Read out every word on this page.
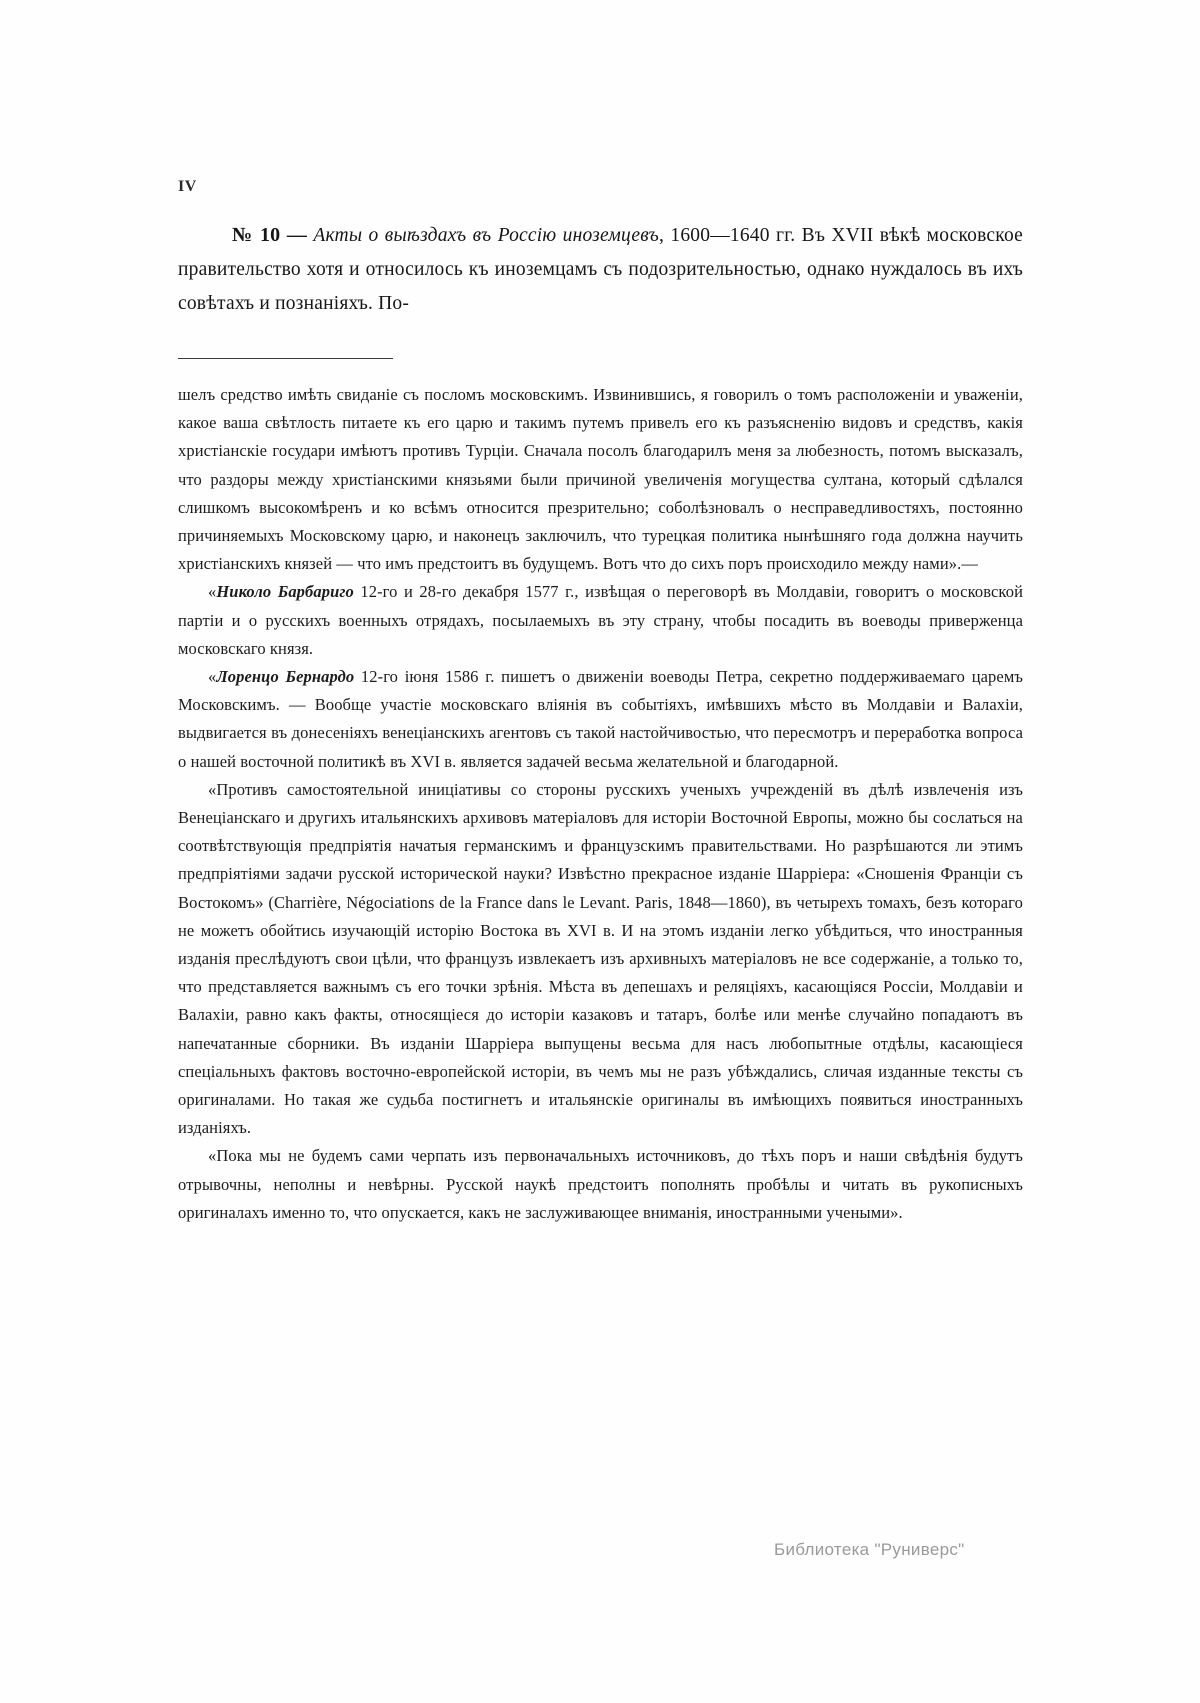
IV

№ 10 — Акты о выѣздахъ въ Россію иноземцевъ, 1600—1640 гг. Въ XVII вѣкѣ московское правительство хотя и относилось къ иноземцамъ съ подозрительностью, однако нуждалось въ ихъ совѣтахъ и познаніяхъ. По-

шелъ средство имѣть свиданіе съ посломъ московскимъ. Извинившись, я говорилъ о томъ расположеніи и уваженіи, какое ваша свѣтлость питаете къ его царю и такимъ путемъ привелъ его къ разъясненію видовъ и средствъ, какія христіанскіе государи имѣютъ противъ Турціи. Сначала посолъ благодарилъ меня за любезность, потомъ высказалъ, что раздоры между христіанскими князьями были причиной увеличенія могущества султана, который сдѣлался слишкомъ высокомѣренъ и ко всѣмъ относится презрительно; соболѣзновалъ о несправедливостяхъ, постоянно причиняемыхъ Московскому царю, и наконецъ заключилъ, что турецкая политика нынѣшняго года должна научить христіанскихъ князей — что имъ предстоитъ въ будущемъ. Вотъ что до сихъ поръ происходило между нами».—

«Николо Барбариго 12-го и 28-го декабря 1577 г., извѣщая о переговорѣ въ Молдавіи, говоритъ о московской партіи и о русскихъ военныхъ отрядахъ, посылаемыхъ въ эту страну, чтобы посадить въ воеводы приверженца московскаго князя.

«Лоренцо Бернардо 12-го іюня 1586 г. пишетъ о движеніи воеводы Петра, секретно поддерживаемаго царемъ Московскимъ. — Вообще участіе московскаго вліянія въ событіяхъ, имѣвшихъ мѣсто въ Молдавіи и Валахіи, выдвигается въ донесеніяхъ венеціанскихъ агентовъ съ такой настойчивостью, что пересмотръ и переработка вопроса о нашей восточной политикѣ въ XVI в. является задачей весьма желательной и благодарной.

«Противъ самостоятельной иниціативы со стороны русскихъ ученыхъ учрежденій въ дѣлѣ извлеченія изъ Венеціанскаго и другихъ итальянскихъ архивовъ матеріаловъ для исторіи Восточной Европы, можно бы сослаться на соотвѣтствующія предпріятія начатыя германскимъ и французскимъ правительствами. Но разрѣшаются ли этимъ предпріятіями задачи русской исторической науки? Извѣстно прекрасное изданіе Шарріера: «Сношенія Франціи съ Востокомъ» (Charrière, Négociations de la France dans le Levant. Paris, 1848—1860), въ четырехъ томахъ, безъ котораго не можетъ обойтись изучающій исторію Востока въ XVI в. И на этомъ изданіи легко убѣдиться, что иностранныя изданія преслѣдуютъ свои цѣли, что французъ извлекаетъ изъ архивныхъ матеріаловъ не все содержаніе, а только то, что представляется важнымъ съ его точки зрѣнія. Мѣста въ депешахъ и реляціяхъ, касающіяся Россіи, Молдавіи и Валахіи, равно какъ факты, относящіеся до исторіи казаковъ и татаръ, болѣе или менѣе случайно попадаютъ въ напечатанные сборники. Въ изданіи Шарріера выпущены весьма для насъ любопытные отдѣлы, касающіеся спеціальныхъ фактовъ восточно-европейской исторіи, въ чемъ мы не разъ убѣждались, сличая изданные тексты съ оригиналами. Но такая же судьба постигнетъ и итальянскіе оригиналы въ имѣющихъ появиться иностранныхъ изданіяхъ.

«Пока мы не будемъ сами черпать изъ первоначальныхъ источниковъ, до тѣхъ поръ и наши свѣдѣнія будутъ отрывочны, неполны и невѣрны. Русской наукѣ предстоитъ пополнять пробѣлы и читать въ рукописныхъ оригиналахъ именно то, что опускается, какъ не заслуживающее вниманія, иностранными учеными».

Библиотека "Руниверс"
